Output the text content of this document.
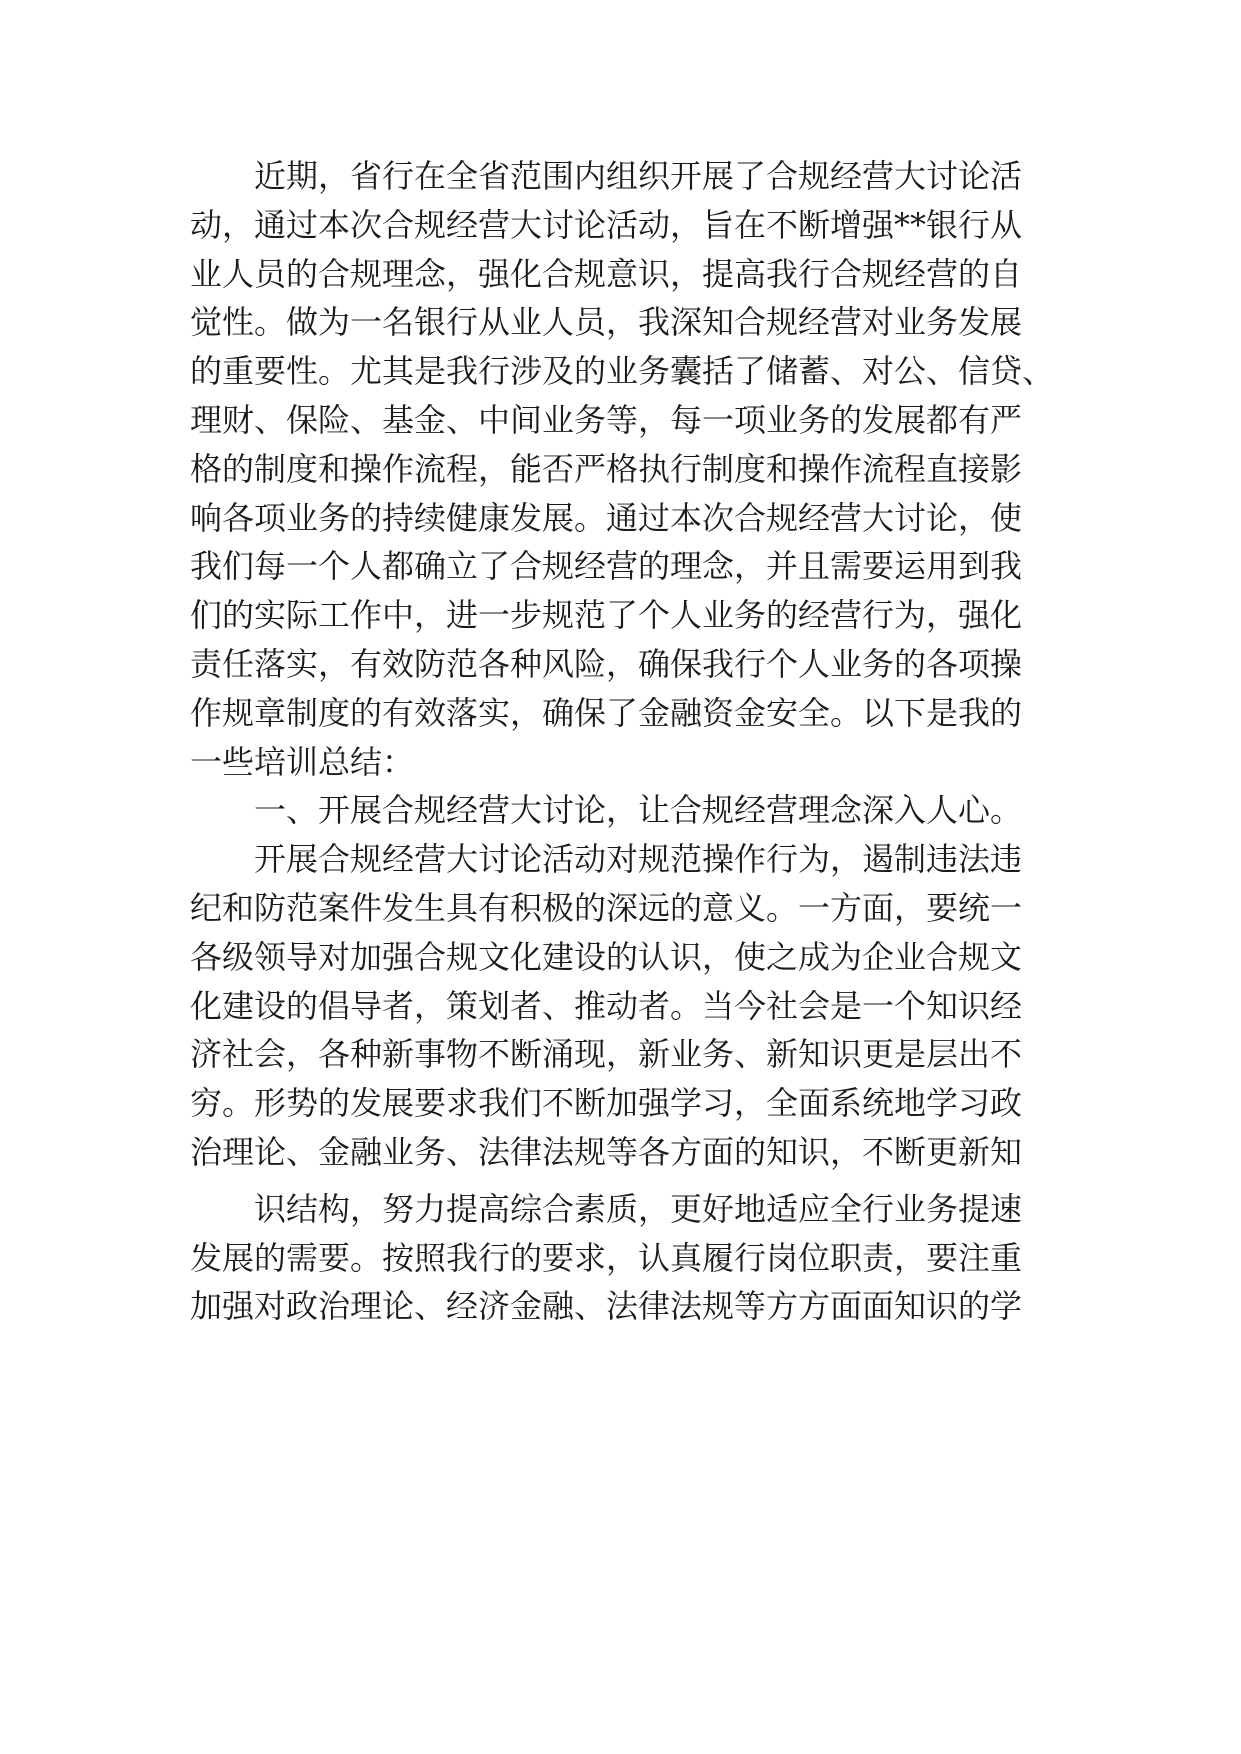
近期，省行在全省范围内组织开展了合规经营大讨论活
动，通过本次合规经营大讨论活动，旨在不断增强**银行从
业人员的合规理念，强化合规意识，提高我行合规经营的自
觉性。做为一名银行从业人员，我深知合规经营对业务发展
的重要性。尤其是我行涉及的业务囊括了储蓄、对公、信贷、
理财、保险、基金、中间业务等，每一项业务的发展都有严
格的制度和操作流程，能否严格执行制度和操作流程直接影
响各项业务的持续健康发展。通过本次合规经营大讨论，使
我们每一个人都确立了合规经营的理念，并且需要运用到我
们的实际工作中，进一步规范了个人业务的经营行为，强化
责任落实，有效防范各种风险，确保我行个人业务的各项操
作规章制度的有效落实，确保了金融资金安全。以下是我的
一些培训总结：
一、开展合规经营大讨论，让合规经营理念深入人心。
开展合规经营大讨论活动对规范操作行为，遏制违法违
纪和防范案件发生具有积极的深远的意义。一方面，要统一
各级领导对加强合规文化建设的认识，使之成为企业合规文
化建设的倡导者，策划者、推动者。当今社会是一个知识经
济社会，各种新事物不断涌现，新业务、新知识更是层出不
穷。形势的发展要求我们不断加强学习，全面系统地学习政
治理论、金融业务、法律法规等各方面的知识，不断更新知
识结构，努力提高综合素质，更好地适应全行业务提速
发展的需要。按照我行的要求，认真履行岗位职责，要注重
加强对政治理论、经济金融、法律法规等方方面面知识的学
